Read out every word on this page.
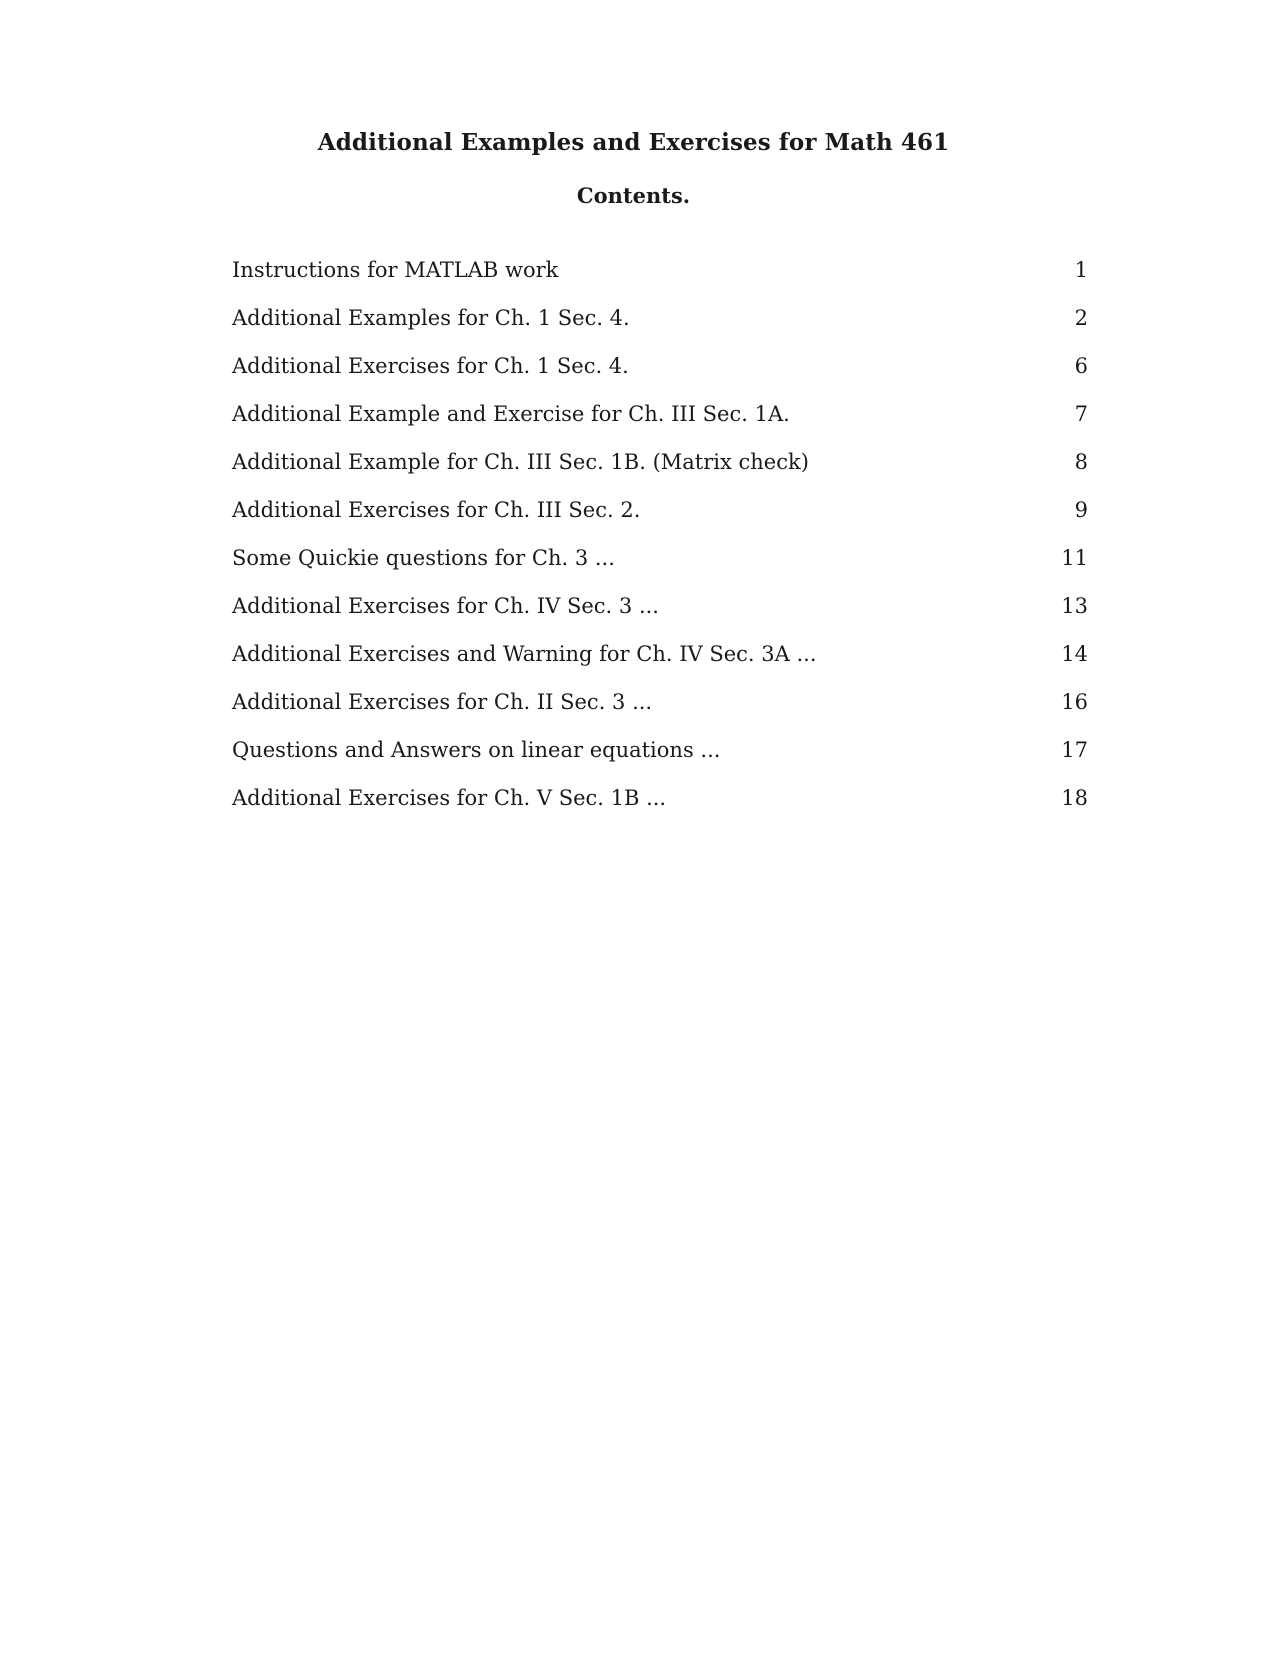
Additional Examples and Exercises for Math 461
Contents.
Instructions for MATLAB work	1
Additional Examples for Ch. 1 Sec. 4.	2
Additional Exercises for Ch. 1 Sec. 4.	6
Additional Example and Exercise for Ch. III Sec. 1A.	7
Additional Example for Ch. III Sec. 1B. (Matrix check)	8
Additional Exercises for Ch. III Sec. 2.	9
Some Quickie questions for Ch. 3 ...	11
Additional Exercises for Ch. IV Sec. 3 ...	13
Additional Exercises and Warning for Ch. IV Sec. 3A ...	14
Additional Exercises for Ch. II Sec. 3 ...	16
Questions and Answers on linear equations ...	17
Additional Exercises for Ch. V Sec. 1B ...	18
